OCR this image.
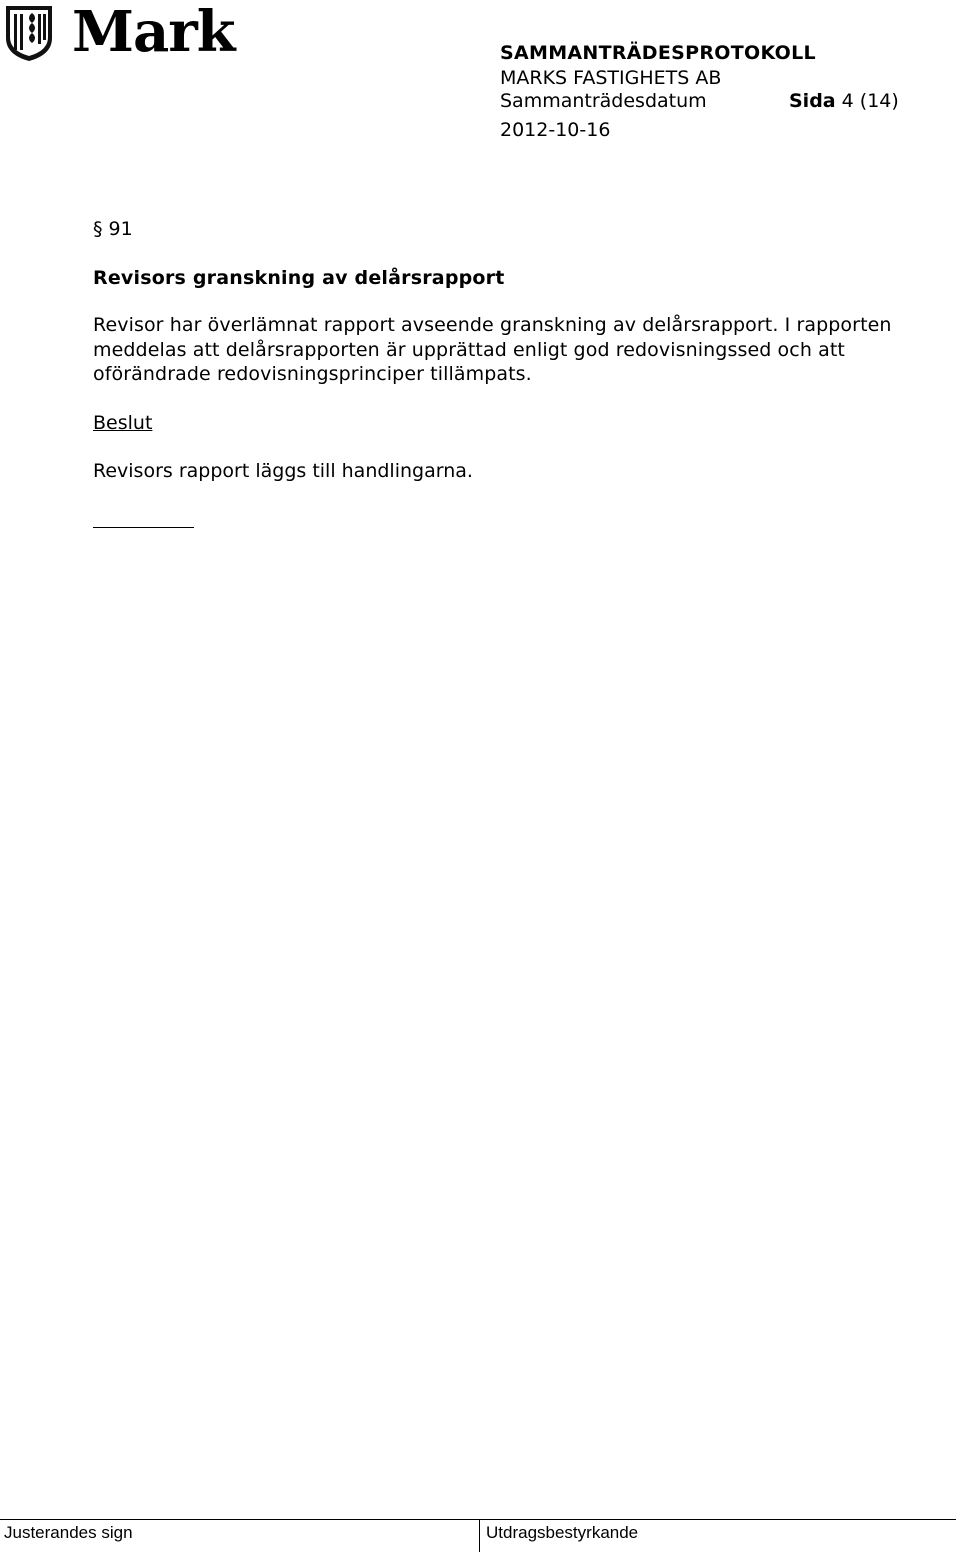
Mark	SAMMANTRÄDESPROTOKOLL
MARKS FASTIGHETS AB
Sammanträdesdatum	Sida 4 (14)
2012-10-16
§ 91
Revisors granskning av delårsrapport
Revisor har överlämnat rapport avseende granskning av delårsrapport. I rapporten meddelas att delårsrapporten är upprättad enligt god redovisningssed och att oförändrade redovisningsprinciper tillämpats.
Beslut
Revisors rapport läggs till handlingarna.
Justerandes sign	Utdragsbestyrkande
